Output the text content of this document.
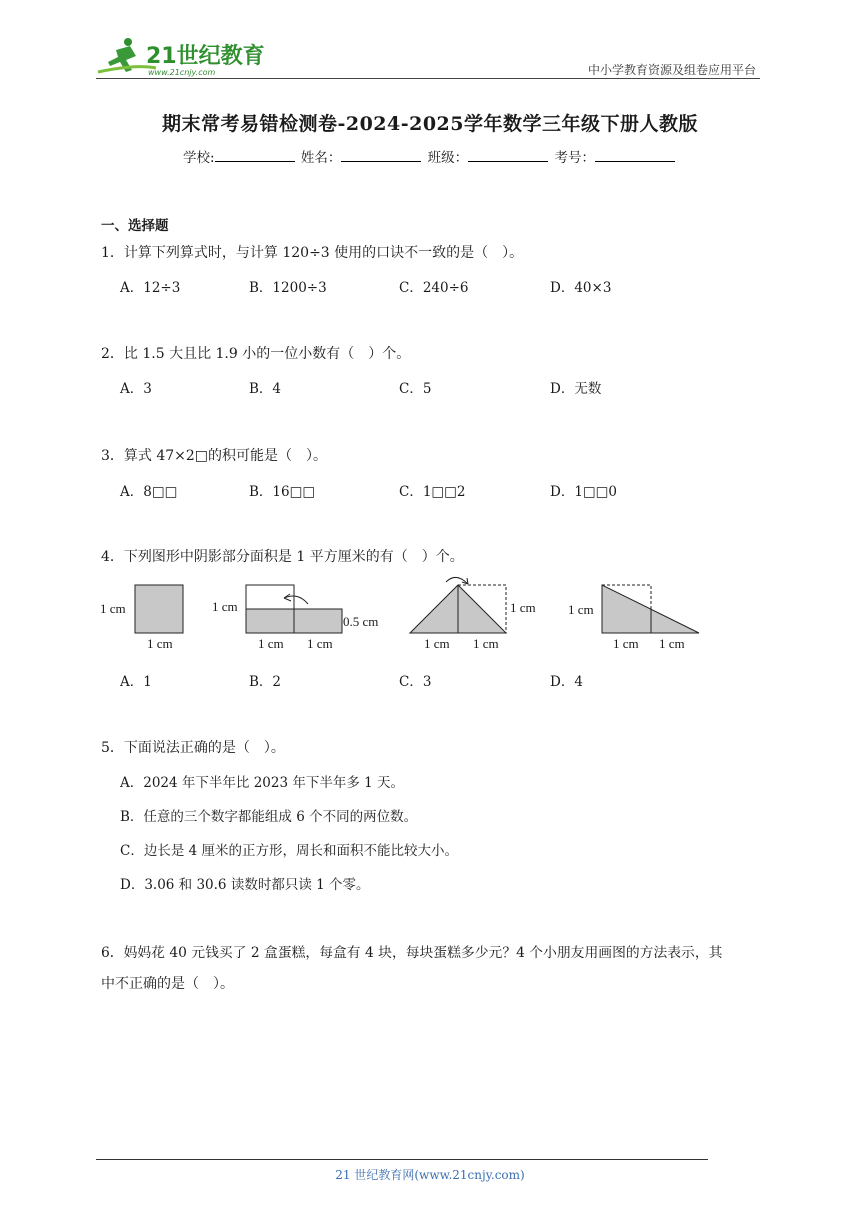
21世纪教育
www.21cnjy.com	中小学教育资源及组卷应用平台
期末常考易错检测卷-2024-2025学年数学三年级下册人教版
学校:	姓名：	班级：	考号：
一、选择题
1．计算下列算式时，与计算 120÷3 使用的口诀不一致的是（　）。
A．12÷3	B．1200÷3	C．240÷6	D．40×3
2．比 1.5 大且比 1.9 小的一位小数有（　）个。
A．3	B．4	C．5	D．无数
3．算式 47×2□的积可能是（　）。
A．8□□	B．16□□	C．1□□2	D．1□□0
4．下列图形中阴影部分面积是 1 平方厘米的有（　）个。
1 cm
1 cm
1 cm
1 cm 1 cm
0.5 cm
1 cm 1 cm
1 cm 1 cm
1 cm 1 cm
A．1	B．2	C．3	D．4
5．下面说法正确的是（　）。
A．2024 年下半年比 2023 年下半年多 1 天。
B．任意的三个数字都能组成 6 个不同的两位数。
C．边长是 4 厘米的正方形，周长和面积不能比较大小。
D．3.06 和 30.6 读数时都只读 1 个零。
6．妈妈花 40 元钱买了 2 盒蛋糕，每盒有 4 块，每块蛋糕多少元？4 个小朋友用画图的方法表示，其
中不正确的是（　）。
21 世纪教育网(www.21cnjy.com)
